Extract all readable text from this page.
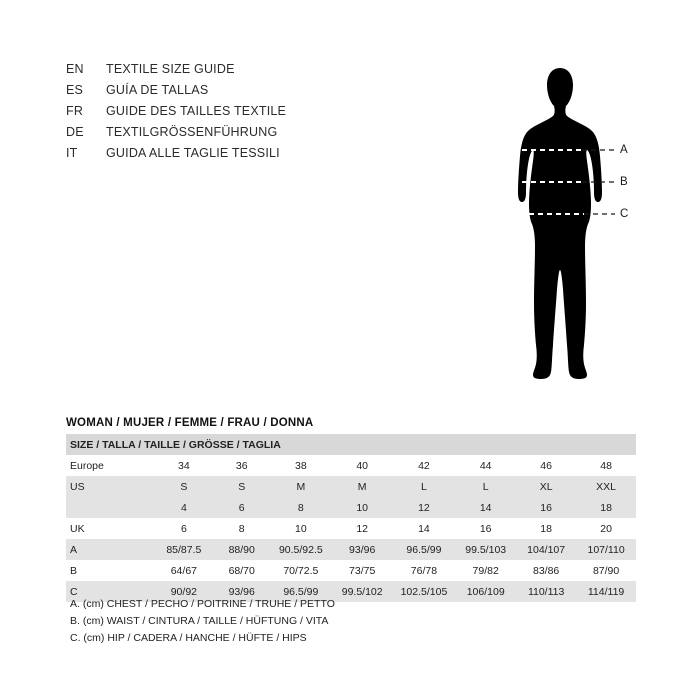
EN	TEXTILE SIZE GUIDE
ES	GUÍA DE TALLAS
FR	GUIDE DES TAILLES TEXTILE
DE	TEXTILGRÖSSENFÜHRUNG
IT	GUIDA ALLE TAGLIE TESSILI	A
B
C
WOMAN / MUJER / FEMME / FRAU / DONNA
SIZE / TALLA / TAILLE / GRÖSSE / TAGLIA								
Europe	34	36	38	40	42	44	46	48
US	S	S	M	M	L	L	XL	XXL
	4	6	8	10	12	14	16	18
UK	6	8	10	12	14	16	18	20
A	85/87.5	88/90	90.5/92.5	93/96	96.5/99	99.5/103	104/107	107/110
B	64/67	68/70	70/72.5	73/75	76/78	79/82	83/86	87/90
C	90/92	93/96	96.5/99	99.5/102	102.5/105	106/109	110/113	114/119
A. (cm) CHEST / PECHO / POITRINE / TRUHE / PETTO
B. (cm) WAIST / CINTURA / TAILLE / HÜFTUNG / VITA
C. (cm) HIP / CADERA / HANCHE / HÜFTE / HIPS
